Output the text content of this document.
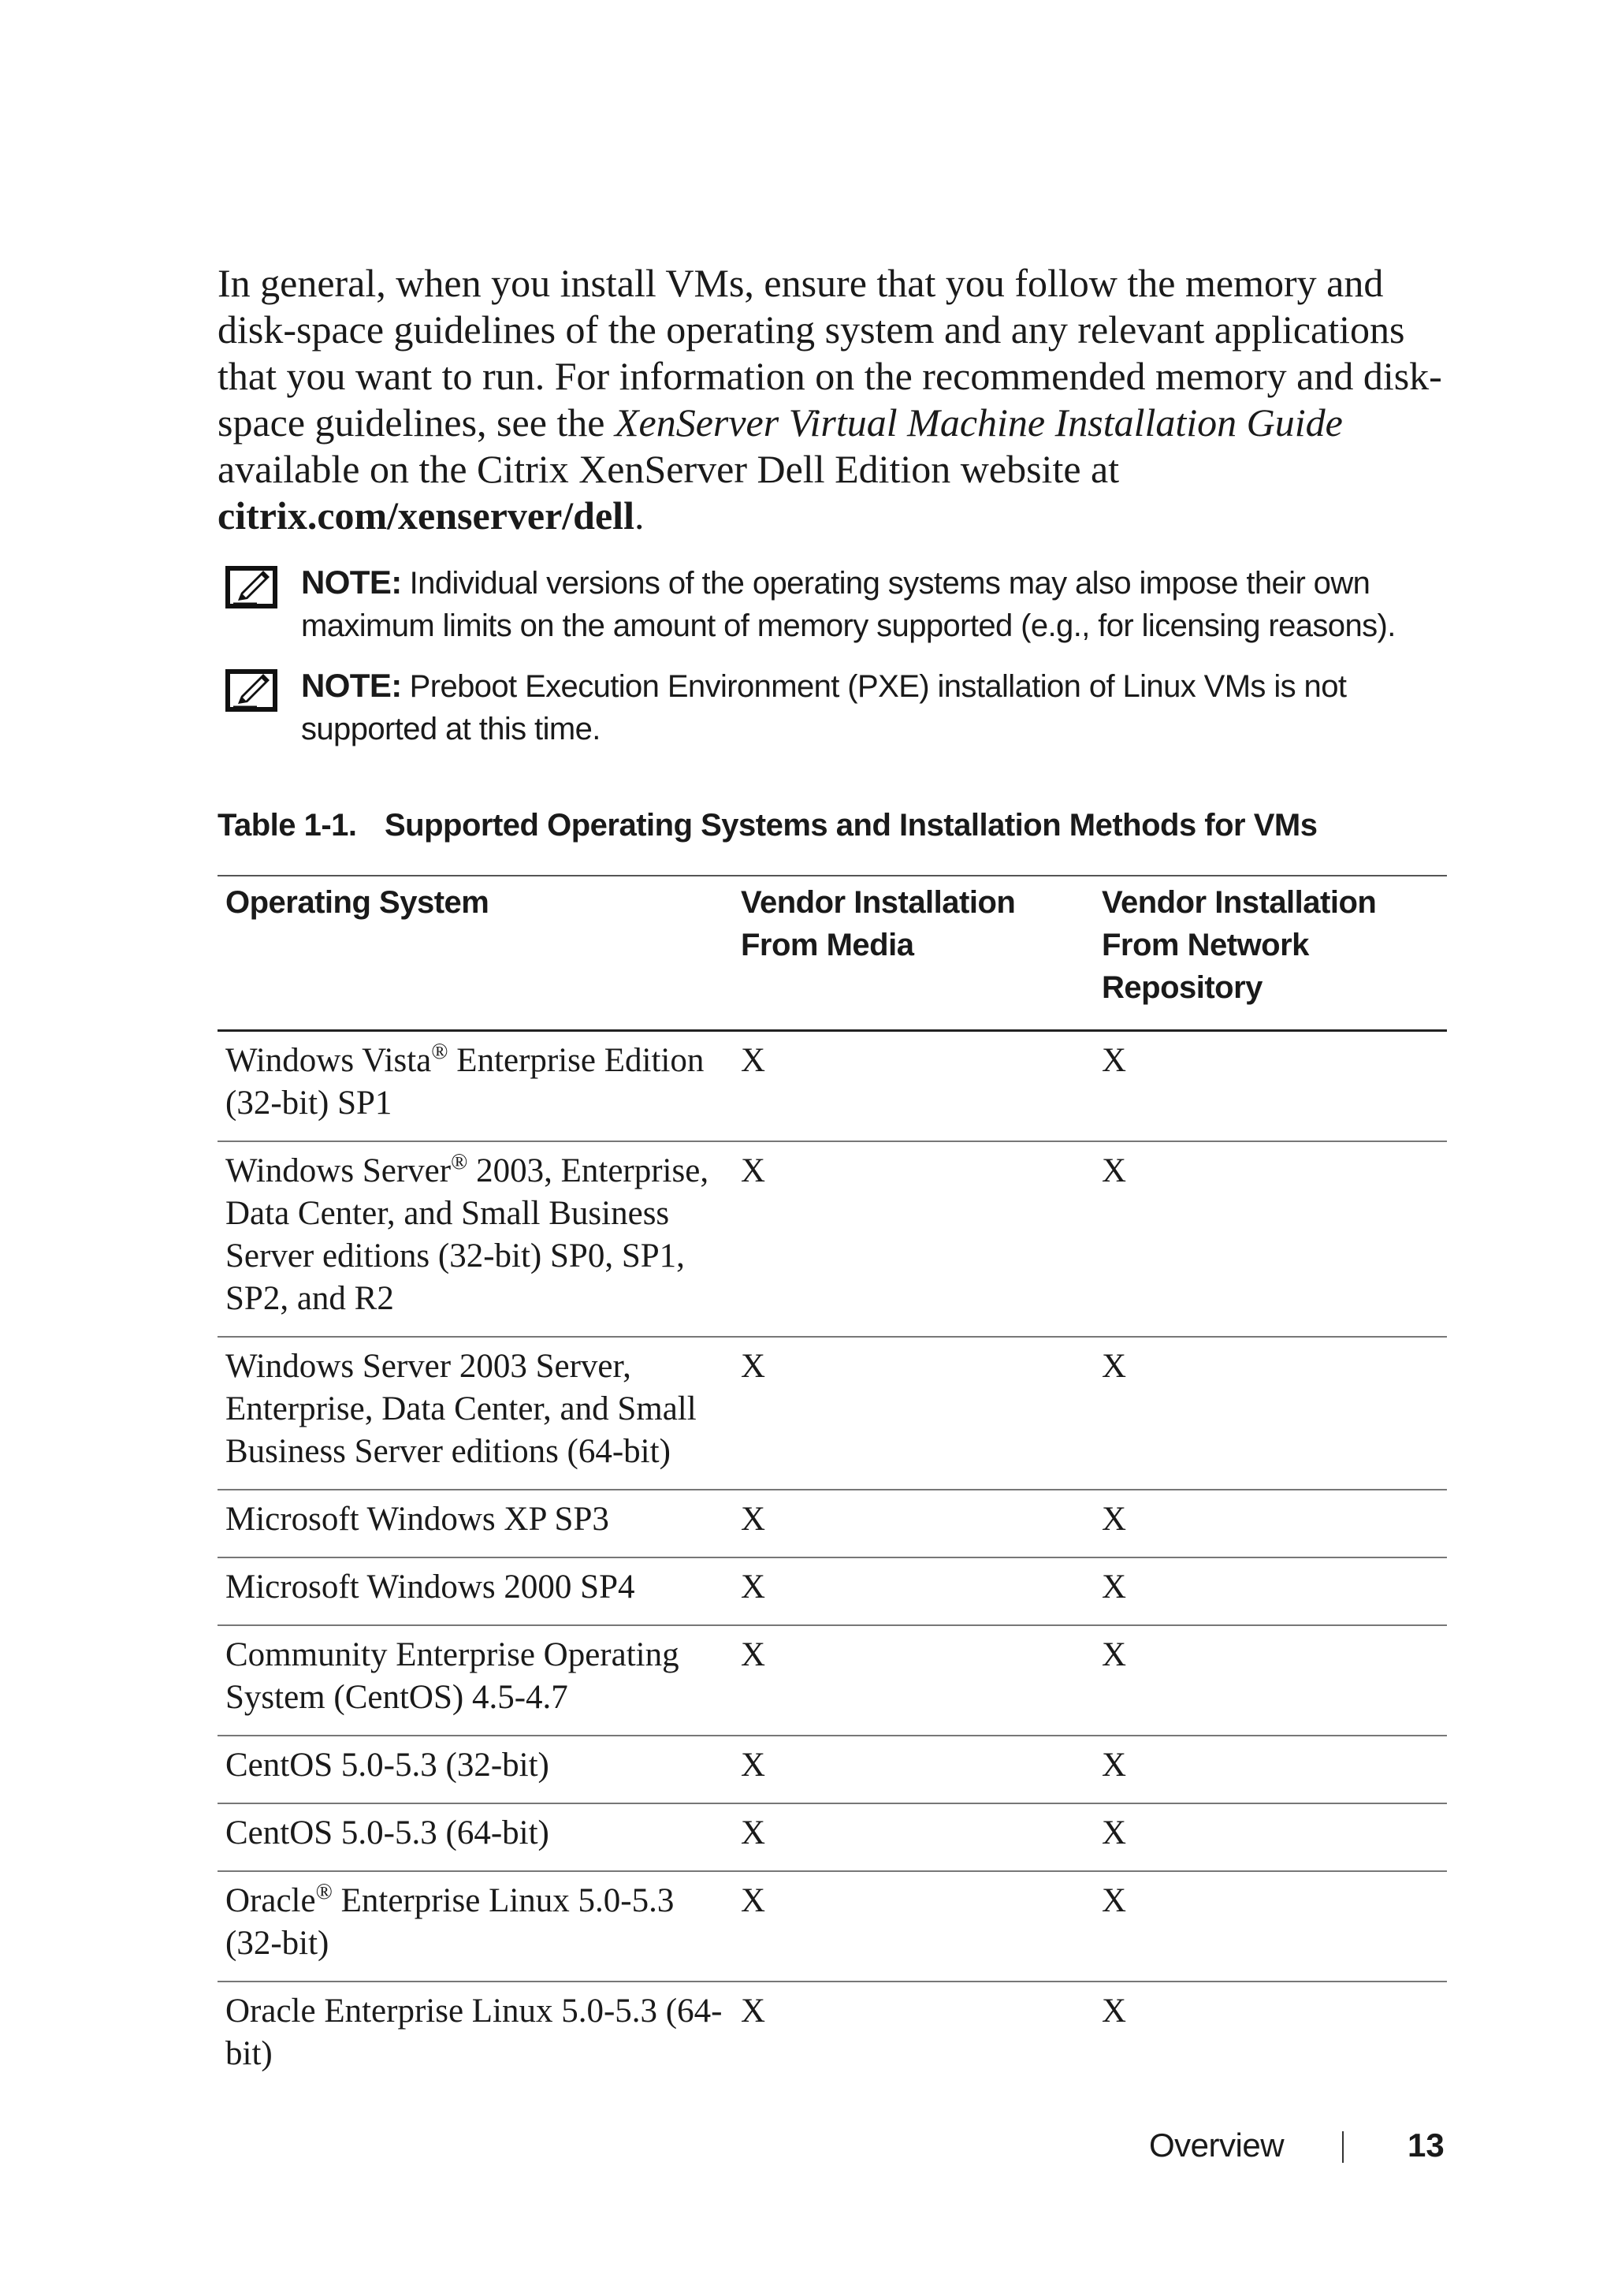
In general, when you install VMs, ensure that you follow the memory and disk-space guidelines of the operating system and any relevant applications that you want to run. For information on the recommended memory and disk-space guidelines, see the XenServer Virtual Machine Installation Guide available on the Citrix XenServer Dell Edition website at citrix.com/xenserver/dell.

NOTE: Individual versions of the operating systems may also impose their own maximum limits on the amount of memory supported (e.g., for licensing reasons).
NOTE: Preboot Execution Environment (PXE) installation of Linux VMs is not supported at this time.
Table 1-1. Supported Operating Systems and Installation Methods for VMs
Operating System	Vendor Installation From Media	Vendor Installation From Network Repository
Windows Vista® Enterprise Edition (32-bit) SP1	X	X
Windows Server® 2003, Enterprise, Data Center, and Small Business Server editions (32-bit) SP0, SP1, SP2, and R2	X	X
Windows Server 2003 Server, Enterprise, Data Center, and Small Business Server editions (64-bit)	X	X
Microsoft Windows XP SP3	X	X
Microsoft Windows 2000 SP4	X	X
Community Enterprise Operating System (CentOS) 4.5-4.7	X	X
CentOS 5.0-5.3 (32-bit)	X	X
CentOS 5.0-5.3 (64-bit)	X	X
Oracle® Enterprise Linux 5.0-5.3 (32-bit)	X	X
Oracle Enterprise Linux 5.0-5.3 (64-bit)	X	X
Overview	13
